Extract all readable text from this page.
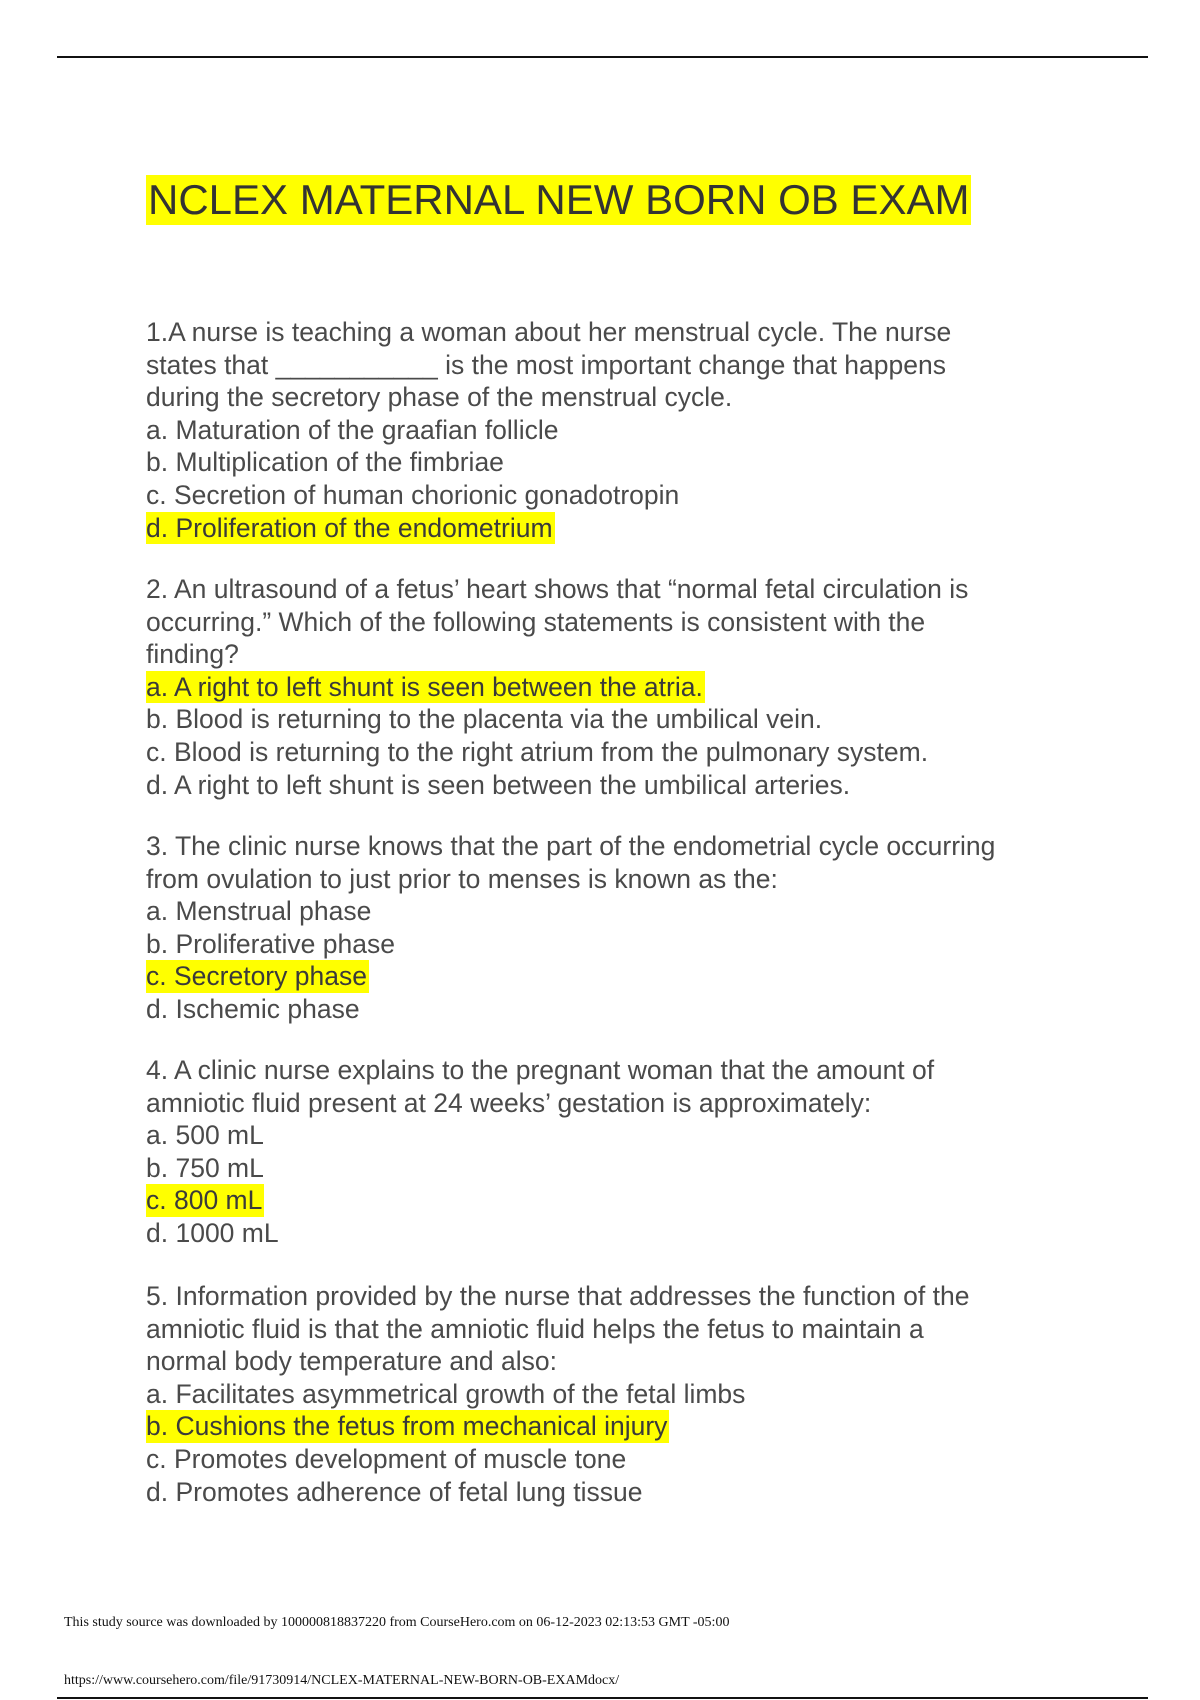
NCLEX MATERNAL NEW BORN OB EXAM
1.A nurse is teaching a woman about her menstrual cycle. The nurse
states that ___________ is the most important change that happens
during the secretory phase of the menstrual cycle.
a. Maturation of the graafian follicle
b. Multiplication of the fimbriae
c. Secretion of human chorionic gonadotropin
d. Proliferation of the endometrium
2. An ultrasound of a fetus’ heart shows that “normal fetal circulation is
occurring.” Which of the following statements is consistent with the
finding?
a. A right to left shunt is seen between the atria.
b. Blood is returning to the placenta via the umbilical vein.
c. Blood is returning to the right atrium from the pulmonary system.
d. A right to left shunt is seen between the umbilical arteries.
3. The clinic nurse knows that the part of the endometrial cycle occurring
from ovulation to just prior to menses is known as the:
a. Menstrual phase
b. Proliferative phase
c. Secretory phase
d. Ischemic phase
4. A clinic nurse explains to the pregnant woman that the amount of
amniotic fluid present at 24 weeks’ gestation is approximately:
a. 500 mL
b. 750 mL
c. 800 mL
d. 1000 mL
5. Information provided by the nurse that addresses the function of the
amniotic fluid is that the amniotic fluid helps the fetus to maintain a
normal body temperature and also:
a. Facilitates asymmetrical growth of the fetal limbs
b. Cushions the fetus from mechanical injury
c. Promotes development of muscle tone
d. Promotes adherence of fetal lung tissue
This study source was downloaded by 100000818837220 from CourseHero.com on 06-12-2023 02:13:53 GMT -05:00
https://www.coursehero.com/file/91730914/NCLEX-MATERNAL-NEW-BORN-OB-EXAMdocx/
